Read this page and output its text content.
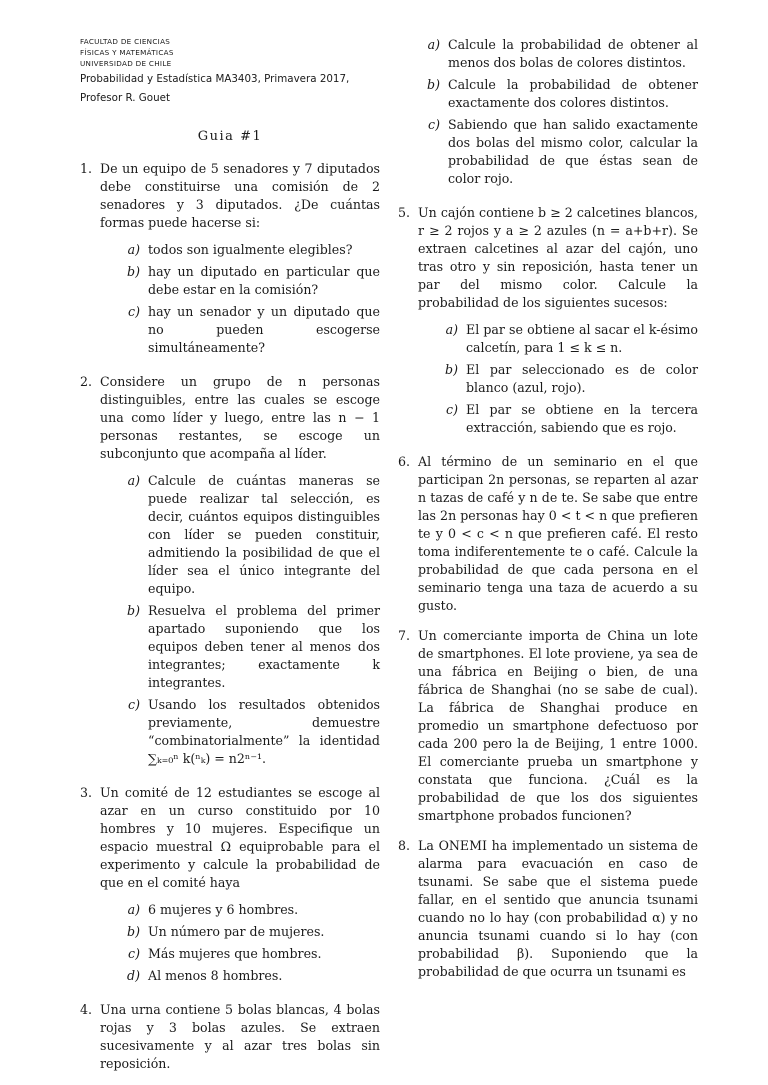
FACULTAD DE CIENCIAS
FÍSICAS Y MATEMÁTICAS
UNIVERSIDAD DE CHILE
Probabilidad y Estadística MA3403, Primavera 2017,
Profesor R. Gouet
Guia #1
1. De un equipo de 5 senadores y 7 diputados debe constituirse una comisión de 2 senadores y 3 diputados. ¿De cuántas formas puede hacerse si:
a) todos son igualmente elegibles?
b) hay un diputado en particular que debe estar en la comisión?
c) hay un senador y un diputado que no pueden escogerse simultáneamente?
2. Considere un grupo de n personas distinguibles, entre las cuales se escoge una como líder y luego, entre las n − 1 personas restantes, se escoge un subconjunto que acompaña al líder.
a) Calcule de cuántas maneras se puede realizar tal selección, es decir, cuántos equipos distinguibles con líder se pueden constituir, admitiendo la posibilidad de que el líder sea el único integrante del equipo.
b) Resuelva el problema del primer apartado suponiendo que los equipos deben tener al menos dos integrantes; exactamente k integrantes.
c) Usando los resultados obtenidos previamente, demuestre “combinatorialmente” la identidad ∑ₖ₌₀ⁿ k(ⁿₖ) = n2ⁿ⁻¹.
3. Un comité de 12 estudiantes se escoge al azar en un curso constituido por 10 hombres y 10 mujeres. Especifique un espacio muestral Ω equiprobable para el experimento y calcule la probabilidad de que en el comité haya
a) 6 mujeres y 6 hombres.
b) Un número par de mujeres.
c) Más mujeres que hombres.
d) Al menos 8 hombres.
4. Una urna contiene 5 bolas blancas, 4 bolas rojas y 3 bolas azules. Se extraen sucesivamente y al azar tres bolas sin reposición.
a) Calcule la probabilidad de obtener al menos dos bolas de colores distintos.
b) Calcule la probabilidad de obtener exactamente dos colores distintos.
c) Sabiendo que han salido exactamente dos bolas del mismo color, calcular la probabilidad de que éstas sean de color rojo.
5. Un cajón contiene b ≥ 2 calcetines blancos, r ≥ 2 rojos y a ≥ 2 azules (n = a+b+r). Se extraen calcetines al azar del cajón, uno tras otro y sin reposición, hasta tener un par del mismo color. Calcule la probabilidad de los siguientes sucesos:
a) El par se obtiene al sacar el k-ésimo calcetín, para 1 ≤ k ≤ n.
b) El par seleccionado es de color blanco (azul, rojo).
c) El par se obtiene en la tercera extracción, sabiendo que es rojo.
6. Al término de un seminario en el que participan 2n personas, se reparten al azar n tazas de café y n de te. Se sabe que entre las 2n personas hay 0 < t < n que prefieren te y 0 < c < n que prefieren café. El resto toma indiferentemente te o café. Calcule la probabilidad de que cada persona en el seminario tenga una taza de acuerdo a su gusto.
7. Un comerciante importa de China un lote de smartphones. El lote proviene, ya sea de una fábrica en Beijing o bien, de una fábrica de Shanghai (no se sabe de cual). La fábrica de Shanghai produce en promedio un smartphone defectuoso por cada 200 pero la de Beijing, 1 entre 1000. El comerciante prueba un smartphone y constata que funciona. ¿Cuál es la probabilidad de que los dos siguientes smartphone probados funcionen?
8. La ONEMI ha implementado un sistema de alarma para evacuación en caso de tsunami. Se sabe que el sistema puede fallar, en el sentido que anuncia tsunami cuando no lo hay (con probabilidad α) y no anuncia tsunami cuando si lo hay (con probabilidad β). Suponiendo que la probabilidad de que ocurra un tsunami es
